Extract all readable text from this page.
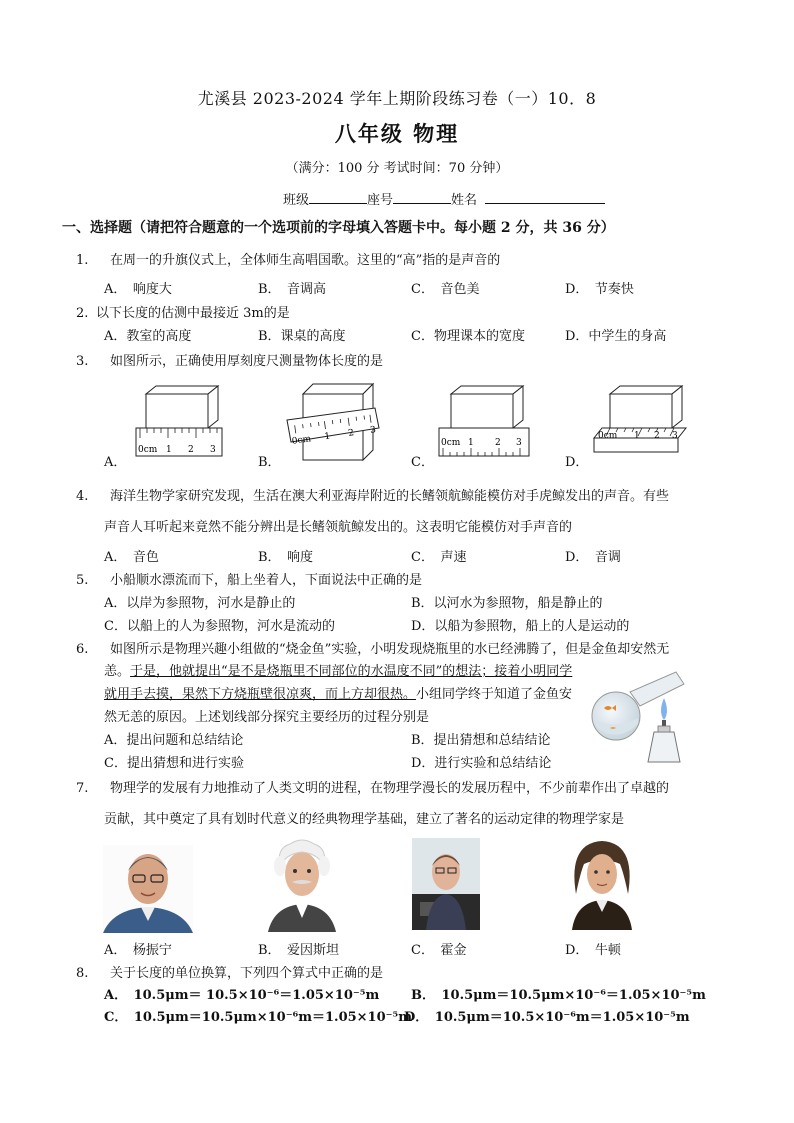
尤溪县 2023-2024 学年上期阶段练习卷（一）10．8
八年级 物理
（满分：100 分 考试时间：70 分钟）
班级	座号	姓名
一、选择题（请把符合题意的一个选项前的字母填入答题卡中。每小题 2 分，共 36 分）
1. 在周一的升旗仪式上，全体师生高唱国歌。这里的“高”指的是声音的
A．　响度大	B．　音调高	C．　音色美	D．　节奏快
2. 以下长度的估测中最接近 3m的是
A．教室的高度	B．课桌的高度	C．物理课本的宽度	D．中学生的身高
3. 如图所示，正确使用厚刻度尺测量物体长度的是
0cm 1 2 3
0cm 1 2 3
0cm 1 2 3
0cm 1 2 3
A．	B．	C．	D．
4. 海洋生物学家研究发现，生活在澳大利亚海岸附近的长鳍领航鲸能模仿对手虎鲸发出的声音。有些
声音人耳听起来竟然不能分辨出是长鳍领航鲸发出的。这表明它能模仿对手声音的
A．　音色	B．　响度	C．　声速	D．　音调
5. 小船顺水漂流而下，船上坐着人，下面说法中正确的是
A．以岸为参照物，河水是静止的	B．以河水为参照物，船是静止的
C．以船上的人为参照物，河水是流动的	D．以船为参照物，船上的人是运动的
6. 如图所示是物理兴趣小组做的“烧金鱼”实验，小明发现烧瓶里的水已经沸腾了，但是金鱼却安然无
恙。于是，他就提出“是不是烧瓶里不同部位的水温度不同”的想法；接着小明同学
就用手去摸，果然下方烧瓶壁很凉爽，而上方却很热。小组同学终于知道了金鱼安
然无恙的原因。上述划线部分探究主要经历的过程分别是
A．提出问题和总结结论	B．提出猜想和总结结论
C．提出猜想和进行实验	D．进行实验和总结结论
7. 物理学的发展有力地推动了人类文明的进程，在物理学漫长的发展历程中，不少前辈作出了卓越的
贡献，其中奠定了具有划时代意义的经典物理学基础，建立了著名的运动定律的物理学家是
A．　杨振宁	B．　爱因斯坦	C．　霍金	D．　牛顿
8. 关于长度的单位换算，下列四个算式中正确的是
A．　10.5μm＝ 10.5×10⁻⁶＝1.05×10⁻⁵m B．　10.5μm＝10.5μm×10⁻⁶＝1.05×10⁻⁵m
C．　10.5μm＝10.5μm×10⁻⁶m＝1.05×10⁻⁵m
D．　10.5μm＝10.5×10⁻⁶m＝1.05×10⁻⁵m
